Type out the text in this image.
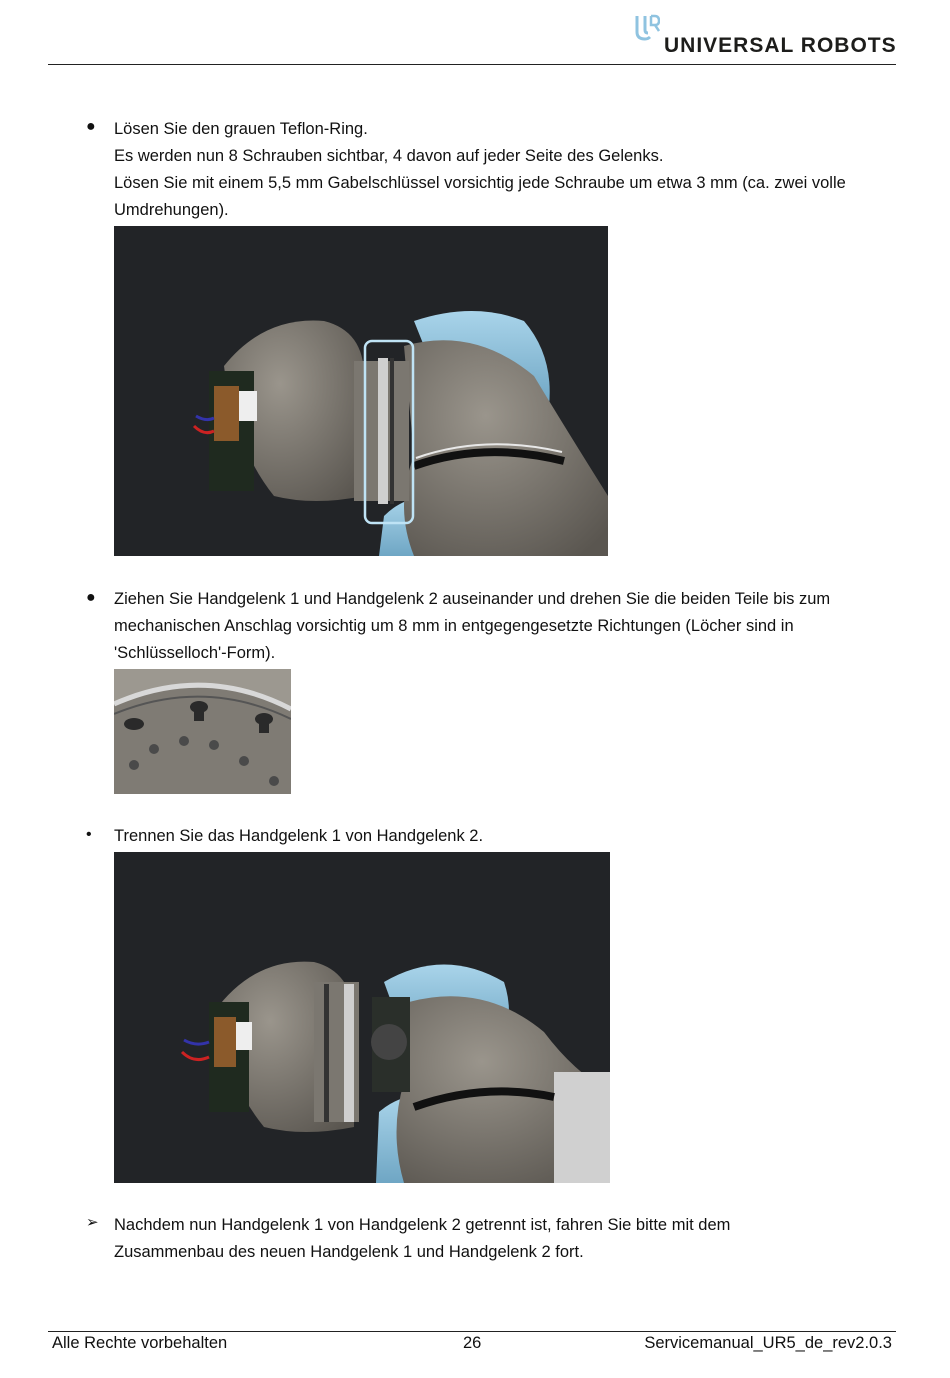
UNIVERSAL ROBOTS
● Lösen Sie den grauen Teflon-Ring.
Es werden nun 8 Schrauben sichtbar, 4 davon auf jeder Seite des Gelenks.
Lösen Sie mit einem 5,5 mm Gabelschlüssel vorsichtig jede Schraube um etwa 3 mm (ca. zwei volle
Umdrehungen).
● Ziehen Sie Handgelenk 1 und Handgelenk 2 auseinander und drehen Sie die beiden Teile bis zum
mechanischen Anschlag vorsichtig um 8 mm in entgegengesetzte Richtungen (Löcher sind in
'Schlüsselloch'-Form).
• Trennen Sie das Handgelenk 1 von Handgelenk 2.
➢ Nachdem nun Handgelenk 1 von Handgelenk 2 getrennt ist, fahren Sie bitte mit dem
Zusammenbau des neuen Handgelenk 1 und Handgelenk 2 fort.
Alle Rechte vorbehalten	26	Servicemanual_UR5_de_rev2.0.3
